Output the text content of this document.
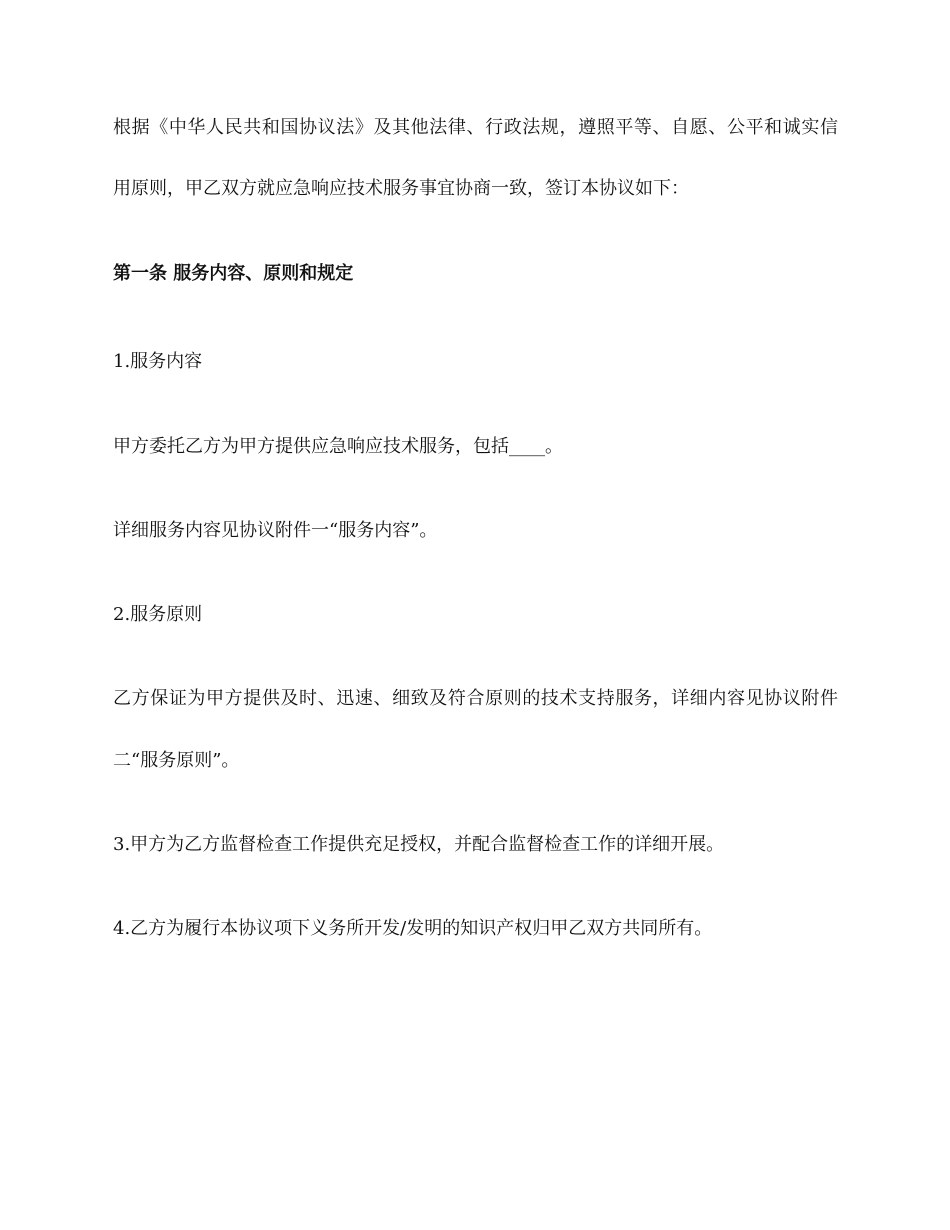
根据《中华人民共和国协议法》及其他法律、行政法规，遵照平等、自愿、公平和诚实信
用原则，甲乙双方就应急响应技术服务事宜协商一致，签订本协议如下：
第一条 服务内容、原则和规定
1.服务内容
甲方委托乙方为甲方提供应急响应技术服务，包括____。
详细服务内容见协议附件一“服务内容”。
2.服务原则
乙方保证为甲方提供及时、迅速、细致及符合原则的技术支持服务，详细内容见协议附件
二“服务原则”。
3.甲方为乙方监督检查工作提供充足授权，并配合监督检查工作的详细开展。
4.乙方为履行本协议项下义务所开发/发明的知识产权归甲乙双方共同所有。
